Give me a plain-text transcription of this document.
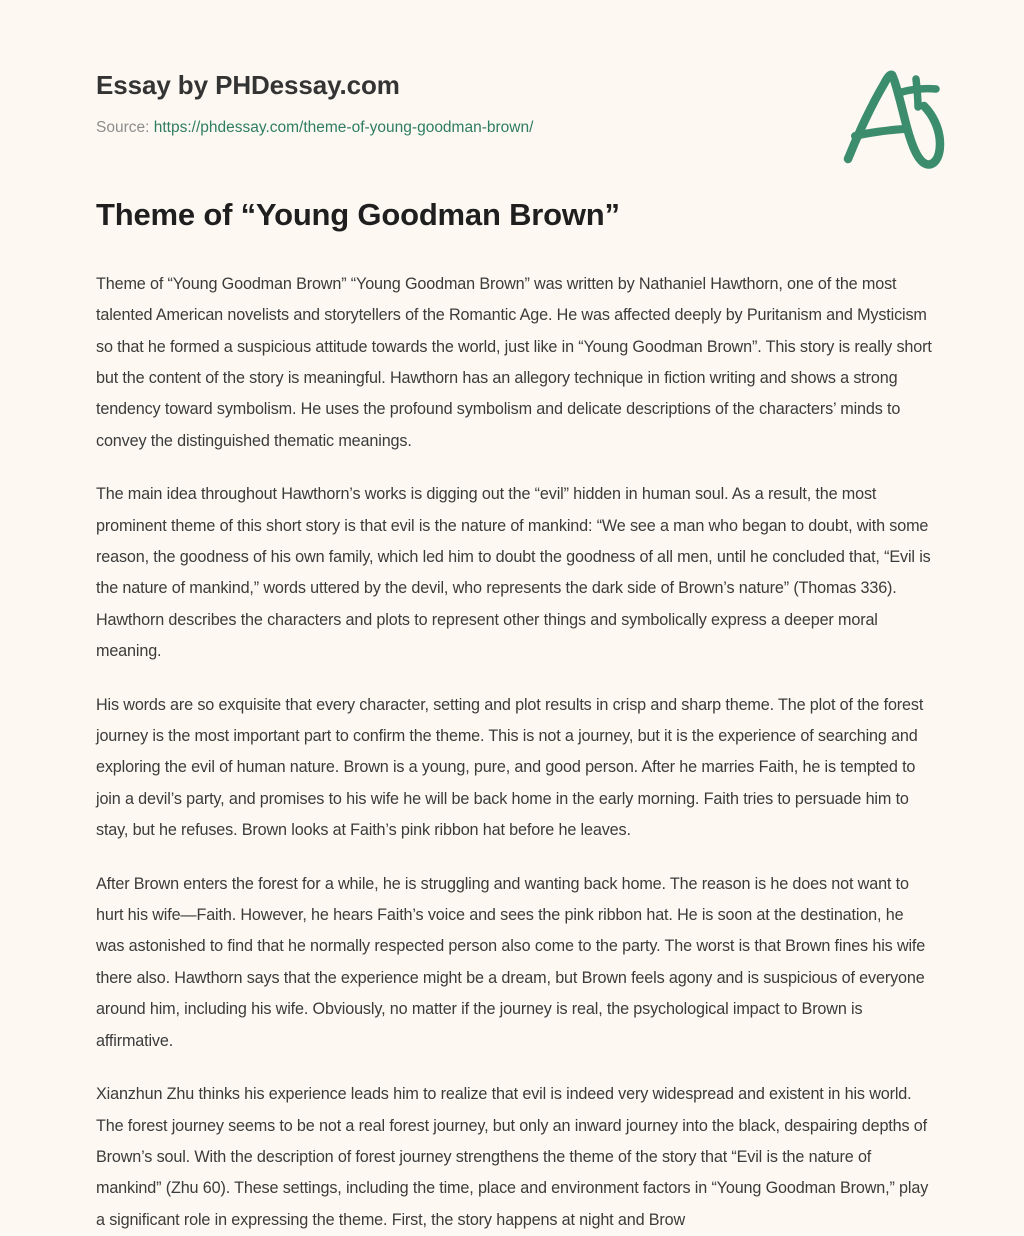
Essay by PHDessay.com
Source: https://phdessay.com/theme-of-young-goodman-brown/
Theme of “Young Goodman Brown”

Theme of “Young Goodman Brown” “Young Goodman Brown” was written by Nathaniel Hawthorn, one of the most talented American novelists and storytellers of the Romantic Age. He was affected deeply by Puritanism and Mysticism so that he formed a suspicious attitude towards the world, just like in “Young Goodman Brown”. This story is really short but the content of the story is meaningful. Hawthorn has an allegory technique in fiction writing and shows a strong tendency toward symbolism. He uses the profound symbolism and delicate descriptions of the characters’ minds to convey the distinguished thematic meanings.

The main idea throughout Hawthorn’s works is digging out the “evil” hidden in human soul. As a result, the most prominent theme of this short story is that evil is the nature of mankind: “We see a man who began to doubt, with some reason, the goodness of his own family, which led him to doubt the goodness of all men, until he concluded that, “Evil is the nature of mankind,” words uttered by the devil, who represents the dark side of Brown’s nature” (Thomas 336). Hawthorn describes the characters and plots to represent other things and symbolically express a deeper moral meaning.

His words are so exquisite that every character, setting and plot results in crisp and sharp theme. The plot of the forest journey is the most important part to confirm the theme. This is not a journey, but it is the experience of searching and exploring the evil of human nature. Brown is a young, pure, and good person. After he marries Faith, he is tempted to join a devil’s party, and promises to his wife he will be back home in the early morning. Faith tries to persuade him to stay, but he refuses. Brown looks at Faith’s pink ribbon hat before he leaves.

After Brown enters the forest for a while, he is struggling and wanting back home. The reason is he does not want to hurt his wife—Faith. However, he hears Faith’s voice and sees the pink ribbon hat. He is soon at the destination, he was astonished to find that he normally respected person also come to the party. The worst is that Brown fines his wife there also. Hawthorn says that the experience might be a dream, but Brown feels agony and is suspicious of everyone around him, including his wife. Obviously, no matter if the journey is real, the psychological impact to Brown is affirmative.

Xianzhun Zhu thinks his experience leads him to realize that evil is indeed very widespread and existent in his world. The forest journey seems to be not a real forest journey, but only an inward journey into the black, despairing depths of Brown’s soul. With the description of forest journey strengthens the theme of the story that “Evil is the nature of mankind” (Zhu 60). These settings, including the time, place and environment factors in “Young Goodman Brown,” play a significant role in expressing the theme. First, the story happens at night and Brow
